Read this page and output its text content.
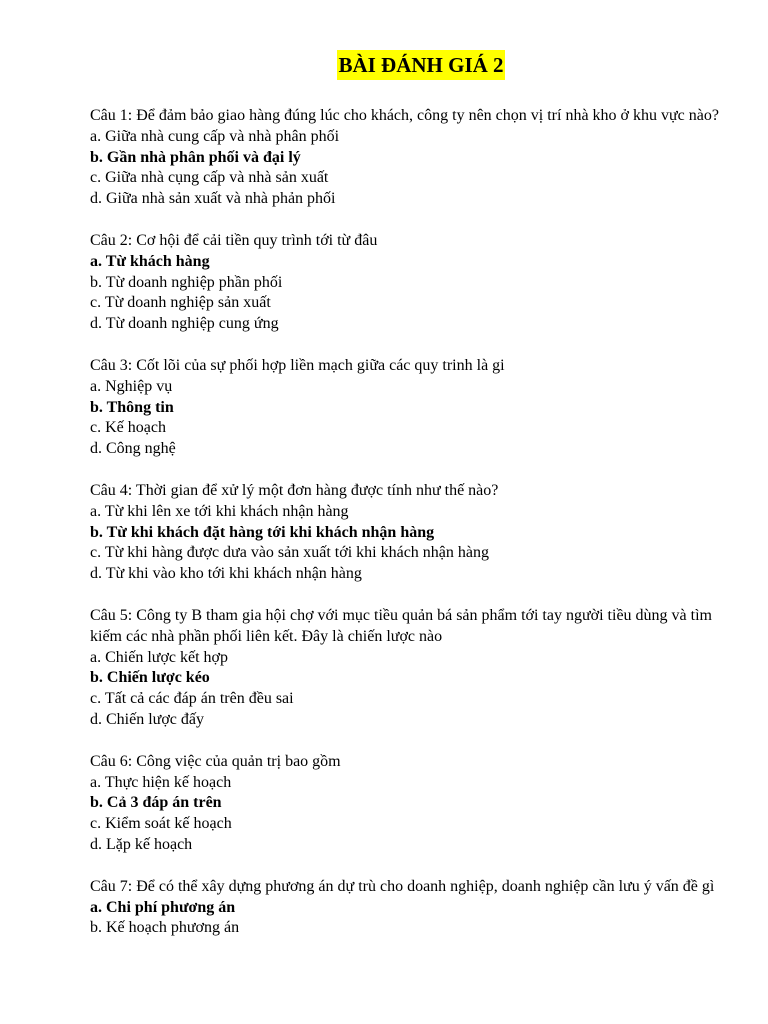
BÀI ĐÁNH GIÁ 2
Câu 1: Để đảm bảo giao hàng đúng lúc cho khách, công ty nên chọn vị trí nhà kho ở khu vực nào?
a. Giữa nhà cung cấp và nhà phân phối
b. Gần nhà phân phối và đại lý
c. Giữa nhà cụng cấp và nhà sản xuất
d. Giữa nhà sản xuất và nhà phản phối
Câu 2: Cơ hội để cải tiền quy trình tới từ đâu
a. Từ khách hàng
b. Từ doanh nghiệp phần phối
c. Từ doanh nghiệp sản xuất
d. Từ doanh nghiệp cung ứng
Câu 3: Cốt lõi của sự phối hợp liền mạch giữa các quy trinh là gi
a. Nghiệp vụ
b. Thông tin
c. Kế hoạch
d. Công nghệ
Câu 4: Thời gian để xử lý một đơn hàng được tính như thế nào?
a. Từ khi lên xe tới khi khách nhận hàng
b. Từ khi khách đặt hàng tới khi khách nhận hàng
c. Từ khi hàng được dưa vào sản xuất tới khi khách nhận hàng
d. Từ khi vào kho tới khi khách nhận hàng
Câu 5: Công ty B tham gia hội chợ với mục tiều quản bá sản phẩm tới tay người tiều dùng và tìm kiếm các nhà phần phối liên kết. Đây là chiến lược nào
a. Chiến lược kết hợp
b. Chiến lược kéo
c. Tất cả các đáp án trên đều sai
d. Chiến lược đấy
Câu 6: Công việc của quản trị bao gồm
a. Thực hiện kế hoạch
b. Cả 3 đáp án trên
c. Kiểm soát kế hoạch
d. Lặp kế hoạch
Câu 7: Để có thể xây dựng phương án dự trù cho doanh nghiệp, doanh nghiệp cần lưu ý vấn đề gì
a. Chi phí phương án
b. Kế hoạch phương án
